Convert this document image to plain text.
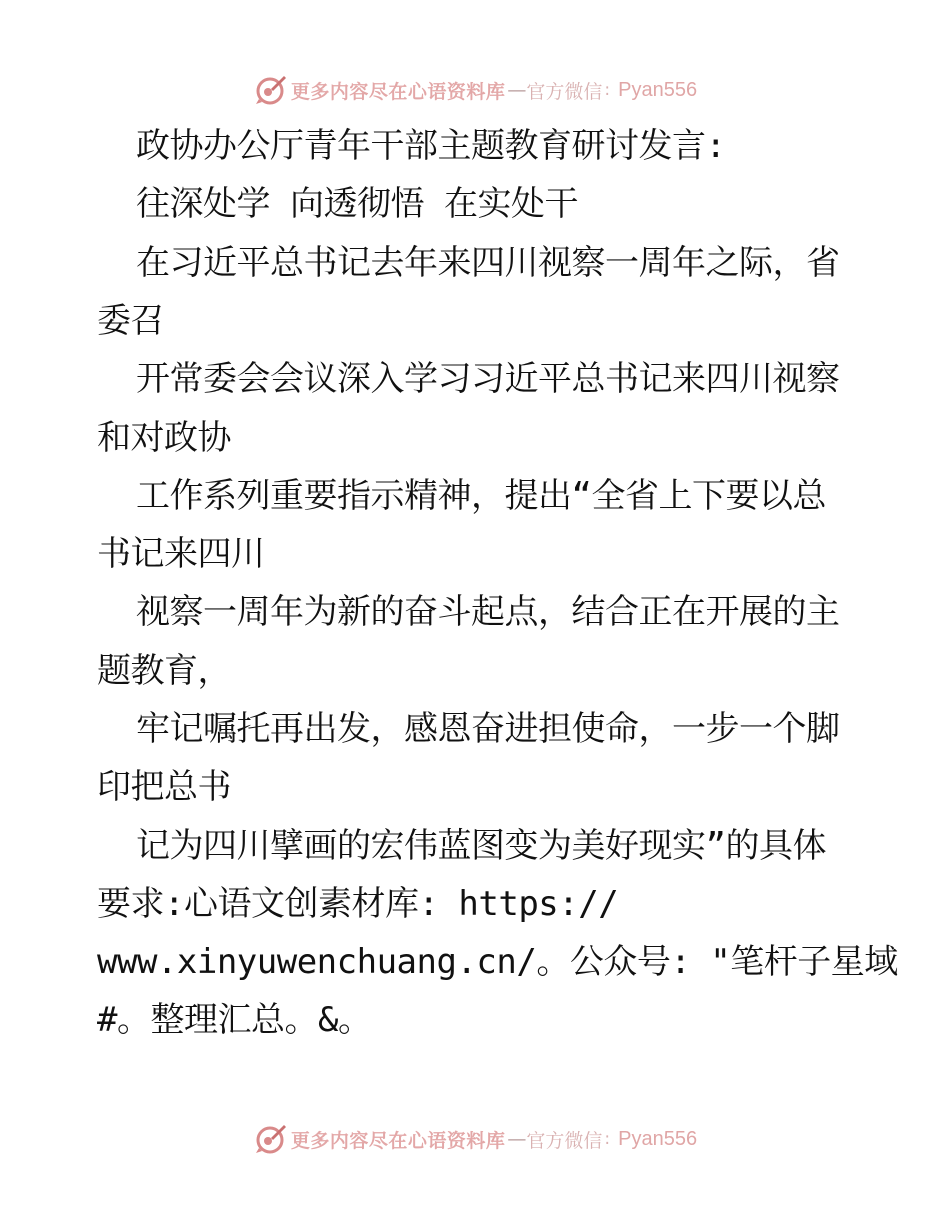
更多内容尽在心语资料库 — 官方微信 : Pyan556
政协办公厅青年干部主题教育研讨发言:
往深处学 向透彻悟 在实处干
在习近平总书记去年来四川视察一周年之际，省
委召
开常委会会议深入学习习近平总书记来四川视察
和对政协
工作系列重要指示精神，提出“全省上下要以总
书记来四川
视察一周年为新的奋斗起点，结合正在开展的主
题教育，
牢记嘱托再出发，感恩奋进担使命，一步一个脚
印把总书
记为四川擘画的宏伟蓝图变为美好现实”的具体
要求:心语文创素材库: https://
www.xinyuwenchuang.cn/。公众号: "笔杆子星域
#。整理汇总。&。
更多内容尽在心语资料库 — 官方微信 : Pyan556
